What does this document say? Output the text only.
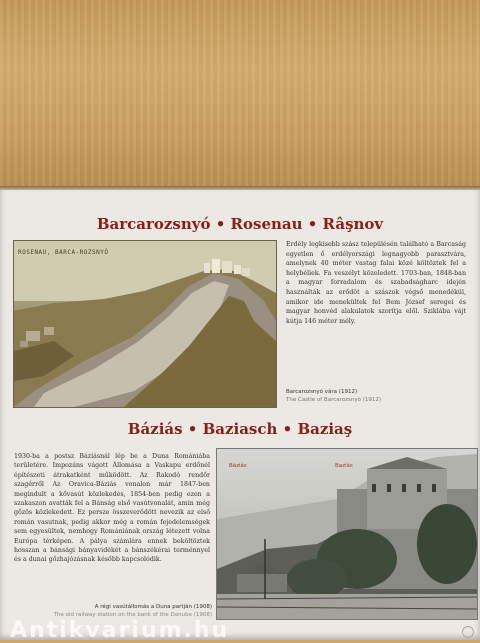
Barcarozsnyó • Rosenau • Râşnov
ROSENAU, BARCA-ROZSNYÓ

Erdély legkisebb szász településén található a Barcaság egyetlen ő erdélyországi legnagyobb parasztvára, amelynek 40 méter vastag falai közé költöztek fel a helybéliek. Fa veszélyt közeledett. 1703-ban, 1848-ban a magyar forradalom és szabadságharc idején használták az erődöt a szászok végső menedékül, amikor ide menekültek fel Bem József seregei és magyar honvéd alakulatok szorítja elől. Sziklába vájt kútja 146 méter mély.

Barcarozsnyó vára (1912)
The Castle of Barcarozsnyó (1912)
Báziás • Baziasch • Baziaş

1930-ba a postsz Báziásnál lép be a Duna Romániába területére. Impozáns vágott Állomása a Vaskapu erdőnél építészeti átrakatként működött. Az Rakodó rendőr szagérről Az Oravica-Báziás vonalon már 1847-ben megindult a kővasút közlekedés, 1854-ben pedig ezen a szakaszon avatták fel a Bánság első vasútvonalát, amin még gőzös közlekedett. Ez persze összeverődött nevezik az első román vasutnak, pedig akkor még a román fejedelemségek sem egyesültek, nemhogy Romániának ország létezett volna Európa térképen. A pálya számlára ennek beköltöztek hosszan a bánsági bányavidékét a bánszékérai terménnyel és a dunai gőzhajózásnak később kapcsolódik.

Báziás	Baziás
A régi vasútállomás a Duna partján (1908)
The old railway station on the bank of the Danube (1908)
Antikvarium.hu
